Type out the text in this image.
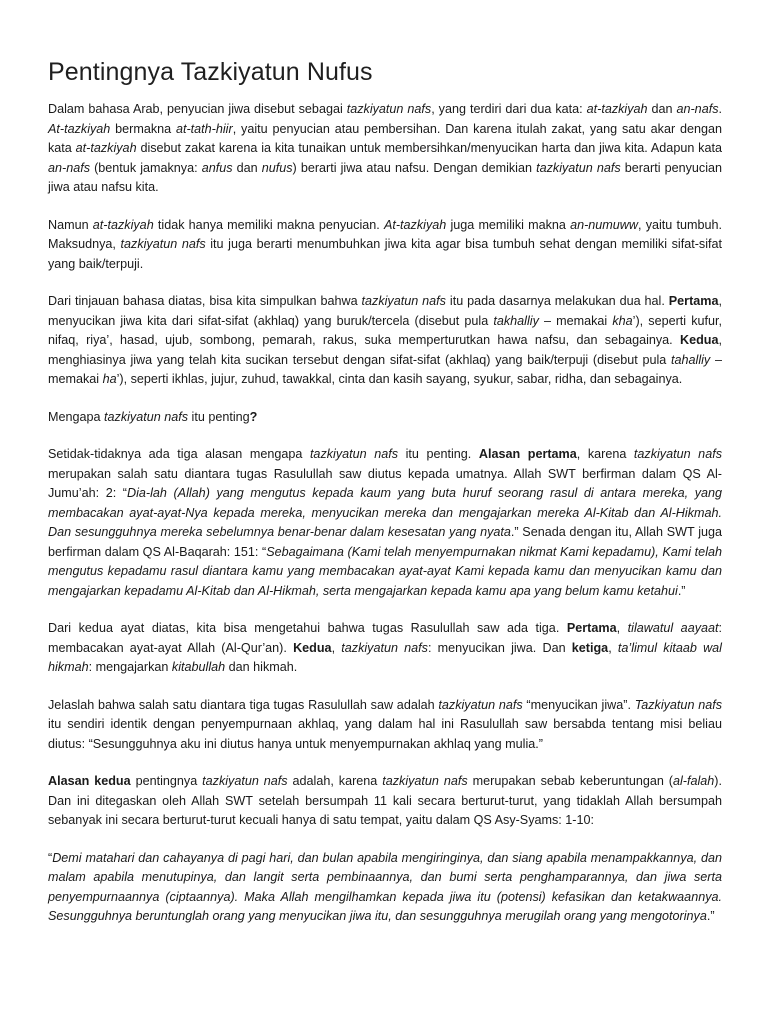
Pentingnya Tazkiyatun Nufus

Dalam bahasa Arab, penyucian jiwa disebut sebagai tazkiyatun nafs, yang terdiri dari dua kata: at-tazkiyah dan an-nafs. At-tazkiyah bermakna at-tath-hiir, yaitu penyucian atau pembersihan. Dan karena itulah zakat, yang satu akar dengan kata at-tazkiyah disebut zakat karena ia kita tunaikan untuk membersihkan/menyucikan harta dan jiwa kita. Adapun kata an-nafs (bentuk jamaknya: anfus dan nufus) berarti jiwa atau nafsu. Dengan demikian tazkiyatun nafs berarti penyucian jiwa atau nafsu kita.

Namun at-tazkiyah tidak hanya memiliki makna penyucian. At-tazkiyah juga memiliki makna an-numuww, yaitu tumbuh. Maksudnya, tazkiyatun nafs itu juga berarti menumbuhkan jiwa kita agar bisa tumbuh sehat dengan memiliki sifat-sifat yang baik/terpuji.

Dari tinjauan bahasa diatas, bisa kita simpulkan bahwa tazkiyatun nafs itu pada dasarnya melakukan dua hal. Pertama, menyucikan jiwa kita dari sifat-sifat (akhlaq) yang buruk/tercela (disebut pula takhalliy – memakai kha’), seperti kufur, nifaq, riya’, hasad, ujub, sombong, pemarah, rakus, suka memperturutkan hawa nafsu, dan sebagainya. Kedua, menghiasinya jiwa yang telah kita sucikan tersebut dengan sifat-sifat (akhlaq) yang baik/terpuji (disebut pula tahalliy – memakai ha’), seperti ikhlas, jujur, zuhud, tawakkal, cinta dan kasih sayang, syukur, sabar, ridha, dan sebagainya.

Mengapa tazkiyatun nafs itu penting?

Setidak-tidaknya ada tiga alasan mengapa tazkiyatun nafs itu penting. Alasan pertama, karena tazkiyatun nafs merupakan salah satu diantara tugas Rasulullah saw diutus kepada umatnya. Allah SWT berfirman dalam QS Al-Jumu’ah: 2: “Dia-lah (Allah) yang mengutus kepada kaum yang buta huruf seorang rasul di antara mereka, yang membacakan ayat-ayat-Nya kepada mereka, menyucikan mereka dan mengajarkan mereka Al-Kitab dan Al-Hikmah. Dan sesungguhnya mereka sebelumnya benar-benar dalam kesesatan yang nyata.” Senada dengan itu, Allah SWT juga berfirman dalam QS Al-Baqarah: 151: “Sebagaimana (Kami telah menyempurnakan nikmat Kami kepadamu), Kami telah mengutus kepadamu rasul diantara kamu yang membacakan ayat-ayat Kami kepada kamu dan menyucikan kamu dan mengajarkan kepadamu Al-Kitab dan Al-Hikmah, serta mengajarkan kepada kamu apa yang belum kamu ketahui.”

Dari kedua ayat diatas, kita bisa mengetahui bahwa tugas Rasulullah saw ada tiga. Pertama, tilawatul aayaat: membacakan ayat-ayat Allah (Al-Qur’an). Kedua, tazkiyatun nafs: menyucikan jiwa. Dan ketiga, ta’limul kitaab wal hikmah: mengajarkan kitabullah dan hikmah.

Jelaslah bahwa salah satu diantara tiga tugas Rasulullah saw adalah tazkiyatun nafs “menyucikan jiwa”. Tazkiyatun nafs itu sendiri identik dengan penyempurnaan akhlaq, yang dalam hal ini Rasulullah saw bersabda tentang misi beliau diutus: “Sesungguhnya aku ini diutus hanya untuk menyempurnakan akhlaq yang mulia.”

Alasan kedua pentingnya tazkiyatun nafs adalah, karena tazkiyatun nafs merupakan sebab keberuntungan (al-falah). Dan ini ditegaskan oleh Allah SWT setelah bersumpah 11 kali secara berturut-turut, yang tidaklah Allah bersumpah sebanyak ini secara berturut-turut kecuali hanya di satu tempat, yaitu dalam QS Asy-Syams: 1-10:

“Demi matahari dan cahayanya di pagi hari, dan bulan apabila mengiringinya, dan siang apabila menampakkannya, dan malam apabila menutupinya, dan langit serta pembinaannya, dan bumi serta penghamparannya, dan jiwa serta penyempurnaannya (ciptaannya). Maka Allah mengilhamkan kepada jiwa itu (potensi) kefasikan dan ketakwaannya. Sesungguhnya beruntunglah orang yang menyucikan jiwa itu, dan sesungguhnya merugilah orang yang mengotorinya.”
